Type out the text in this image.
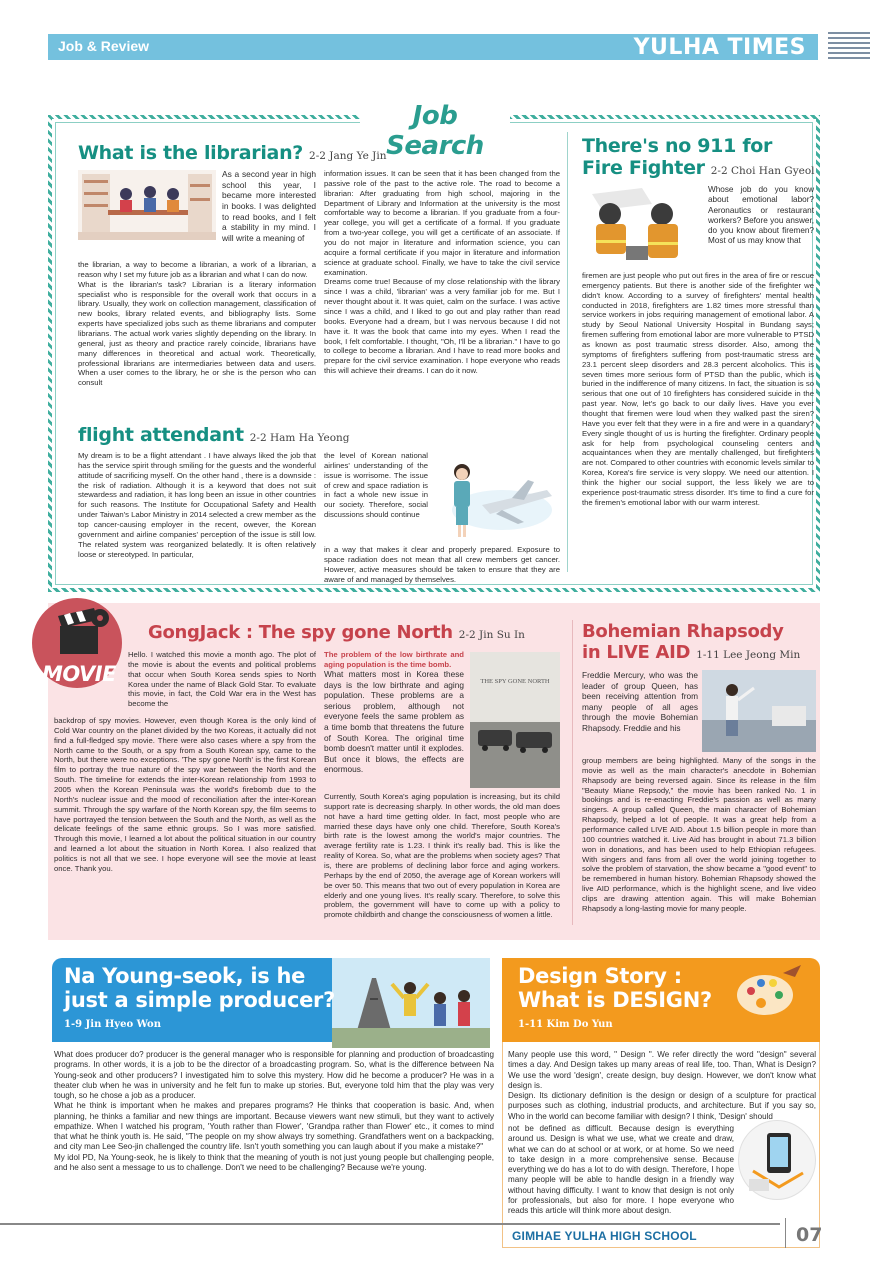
Job & Review	YULHA TIMES
Job Search
What is the librarian? 2-2 Jang Ye Jin
As a second year in high school this year, I became more interested in books. I was delighted to read books, and I felt a stability in my mind. I will write a meaning of
the librarian, a way to become a librarian, a work of a librarian, a reason why I set my future job as a librarian and what I can do now.
What is the librarian's task? Librarian is a literary information specialist who is responsible for the overall work that occurs in a library. Usually, they work on collection management, classification of new books, library related events, and bibliography lists. Some experts have specialized jobs such as theme librarians and computer librarians. The actual work varies slightly depending on the library. In general, just as theory and practice rarely coincide, librarians have many differences in theoretical and actual work. Theoretically, professional librarians are intermediaries between data and users. When a user comes to the library, he or she is the person who can consult
information issues. It can be seen that it has been changed from the passive role of the past to the active role. The road to become a librarian: After graduating from high school, majoring in the Department of Library and Information at the university is the most comfortable way to become a librarian. If you graduate from a four-year college, you will get a certificate of a formal. If you graduate from a two-year college, you will get a certificate of an associate. If you do not major in literature and information science, you can acquire a formal certificate if you major in literature and information science at graduate school. Finally, we have to take the civil service examination.
Dreams come true! Because of my close relationship with the library since I was a child, 'librarian' was a very familiar job for me. But I never thought about it. It was quiet, calm on the surface. I was active since I was a child, and I liked to go out and play rather than read books. Everyone had a dream, but I was nervous because I did not have it. It was the book that came into my eyes. When I read the book, I felt comfortable. I thought, "Oh, I'll be a librarian." I have to go to college to become a librarian. And I have to read more books and prepare for the civil service examination. I hope everyone who reads this will achieve their dreams. I can do it now.
flight attendant 2-2 Ham Ha Yeong
My dream is to be a flight attendant . I have always liked the job that has the service spirit through smiling for the guests and the wonderful attitude of sacrificing myself. On the other hand , there is a downside : the risk of radiation. Although it is a keyword that does not suit stewardess and radiation, it has long been an issue in other countries for such reasons. The Institute for Occupational Safety and Health under Taiwan's Labor Ministry in 2014 selected a crew member as the top cancer-causing employer in the recent, owever, the Korean government and airline companies' perception of the issue is still low. The related system was reorganized belatedly. It is often relatively loose or stereotyped. In particular,
the level of Korean national airlines' understanding of the issue is worrisome. The issue of crew and space radiation is in fact a whole new issue in our society. Therefore, social discussions should continue
in a way that makes it clear and properly prepared. Exposure to space radiation does not mean that all crew members get cancer. However, active measures should be taken to ensure that they are aware of and managed by themselves.
There's no 911 for
Fire Fighter 2-2 Choi Han Gyeol
Whose job do you know about emotional labor? Aeronautics or restaurant workers? Before you answer, do you know about firemen? Most of us may know that
firemen are just people who put out fires in the area of fire or rescue emergency patients. But there is another side of the firefighter we didn't know. According to a survey of firefighters' mental health conducted in 2018, firefighters are 1.82 times more stressful than service workers in jobs requiring management of emotional labor. A study by Seoul National University Hospital in Bundang says; firemen suffering from emotional labor are more vulnerable to PTSD as known as post traumatic stress disorder. Also, among the symptoms of firefighters suffering from post-traumatic stress are 23.1 percent sleep disorders and 28.3 percent alcoholics. This is seven times more serious form of PTSD than the public, which is buried in the indifference of many citizens. In fact, the situation is so serious that one out of 10 firefighters has considered suicide in the past year. Now, let's go back to our daily lives. Have you ever thought that firemen were loud when they walked past the siren? Have you ever felt that they were in a fire and were in a quandary? Every single thought of us is hurting the firefighter. Ordinary people ask for help from psychological counseling centers and acquaintances when they are mentally challenged, but firefighters are not. Compared to other countries with economic levels similar to Korea, Korea's fire service is very sloppy. We need our attention. I think the higher our social support, the less likely we are to experience post-traumatic stress disorder. It's time to find a cure for the firemen's emotional labor with our warm interest.
MOVIE
GongJack : The spy gone North 2-2 Jin Su In
Hello. I watched this movie a month ago. The plot of the movie is about the events and political problems that occur when South Korea sends spies to North Korea under the name of Black Gold Star. To evaluate this movie, in fact, the Cold War era in the West has become the
backdrop of spy movies. However, even though Korea is the only kind of Cold War country on the planet divided by the two Koreas, it actually did not find a full-fledged spy movie. There were also cases where a spy from the North came to the South, or a spy from a South Korean spy, came to the North, but there were no exceptions. 'The spy gone North' is the first Korean film to portray the true nature of the spy war between the North and the South. The timeline for extends the inter-Korean relationship from 1993 to 2005 when the Korean Peninsula was the world's firebomb due to the North's nuclear issue and the mood of reconciliation after the inter-Korean summit. Through the spy warfare of the North Korean spy, the film seems to have portrayed the tension between the South and the North, as well as the delicate feelings of the same ethnic groups. So I was more satisfied. Through this movie, I learned a lot about the political situation in our country and learned a lot about the situation in North Korea. I also realized that politics is not all that we see. I hope everyone will see the movie at least once. Thank you.
The problem of the low birthrate and aging population is the time bomb.
What matters most in Korea these days is the low birthrate and aging population. These problems are a serious problem, although not everyone feels the same problem as a time bomb that threatens the future of South Korea. The original time bomb doesn't matter until it explodes. But once it blows, the effects are enormous.
THE SPY GONE NORTH
Currently, South Korea's aging population is increasing, but its child support rate is decreasing sharply. In other words, the old man does not have a hard time getting older. In fact, most people who are married these days have only one child. Therefore, South Korea's birth rate is the lowest among the world's major countries. The average fertility rate is 1.23. I think it's really bad. This is like the reality of Korea. So, what are the problems when society ages? That is, there are problems of declining labor force and aging workers. Perhaps by the end of 2050, the average age of Korean workers will be over 50. This means that two out of every population in Korea are elderly and one young lives. It's really scary. Therefore, to solve this problem, the government will have to come up with a policy to promote childbirth and change the consciousness of women a little.
Bohemian Rhapsody
in LIVE AID 1-11 Lee Jeong Min
Freddie Mercury, who was the leader of group Queen, has been receiving attention from many people of all ages through the movie Bohemian Rhapsody. Freddie and his
group members are being highlighted. Many of the songs in the movie as well as the main character's anecdote in Bohemian Rhapsody are being reversed again. Since its release in the film "Beauty Miane Repsody," the movie has been ranked No. 1 in bookings and is re-enacting Freddie's passion as well as many singers. A group called Queen, the main character of Bohemian Rhapsody, helped a lot of people. It was a great help from a performance called LIVE AID. About 1.5 billion people in more than 100 countries watched it. Live Aid has brought in about 71.3 billion won in donations, and has been used to help Ethiopian refugees. With singers and fans from all over the world joining together to solve the problem of starvation, the show became a "good event" to be remembered in human history. Bohemian Rhapsody showed the live AID performance, which is the highlight scene, and live video clips are drawing attention again. This will make Bohemian Rhapsody a long-lasting movie for many people.
Na Young-seok, is he
just a simple producer?
1-9 Jin Hyeo Won
What does producer do? producer is the general manager who is responsible for planning and production of broadcasting programs. In other words, it is a job to be the director of a broadcasting program. So, what is the difference between Na Young-seok and other producers? I investigated him to solve this mystery. How did he become a producer? He was in a theater club when he was in university and he felt fun to make up stories. But, everyone told him that the play was very tough, so he chose a job as a producer.
What he think is important when he makes and prepares programs? He thinks that cooperation is basic. And, when planning, he thinks a familiar and new things are important. Because viewers want new stimuli, but they want to actively empathize. When I watched his program, 'Youth rather than Flower', 'Grandpa rather than Flower' etc., it comes to mind that what he think youth is. He said, "The people on my show always try something. Grandfathers went on a backpacking, and city man Lee Seo-jin challenged the country life. Isn't youth something you can laugh about if you make a mistake?"
My idol PD, Na Young-seok, he is likely to think that the meaning of youth is not just young people but challenging people, and he also sent a message to us to challenge. Don't we need to be challenging? Because we're young.
Design Story :
What is DESIGN?
1-11 Kim Do Yun
Many people use this word, " Design ". We refer directly the word "design" several times a day. And Design takes up many areas of real life, too. Than, What is Design? We use the word 'design', create design, buy design. However, we don't know what design is.
Design. Its dictionary definition is the design or design of a sculpture for practical purposes such as clothing, industrial products, and architecture. But if you say so, Who in the world can become familiar with design? I think, 'Design' should
not be defined as difficult. Because design is everything around us. Design is what we use, what we create and draw, what we can do at school or at work, or at home. So we need to take design in a more comprehensive sense. Because everything we do has a lot to do with design. Therefore, I hope many people will be able to handle design in a friendly way without having difficulty. I want to know that design is not only for professionals, but also for more. I hope everyone who reads this article will think more about design.
GIMHAE YULHA HIGH SCHOOL	07
